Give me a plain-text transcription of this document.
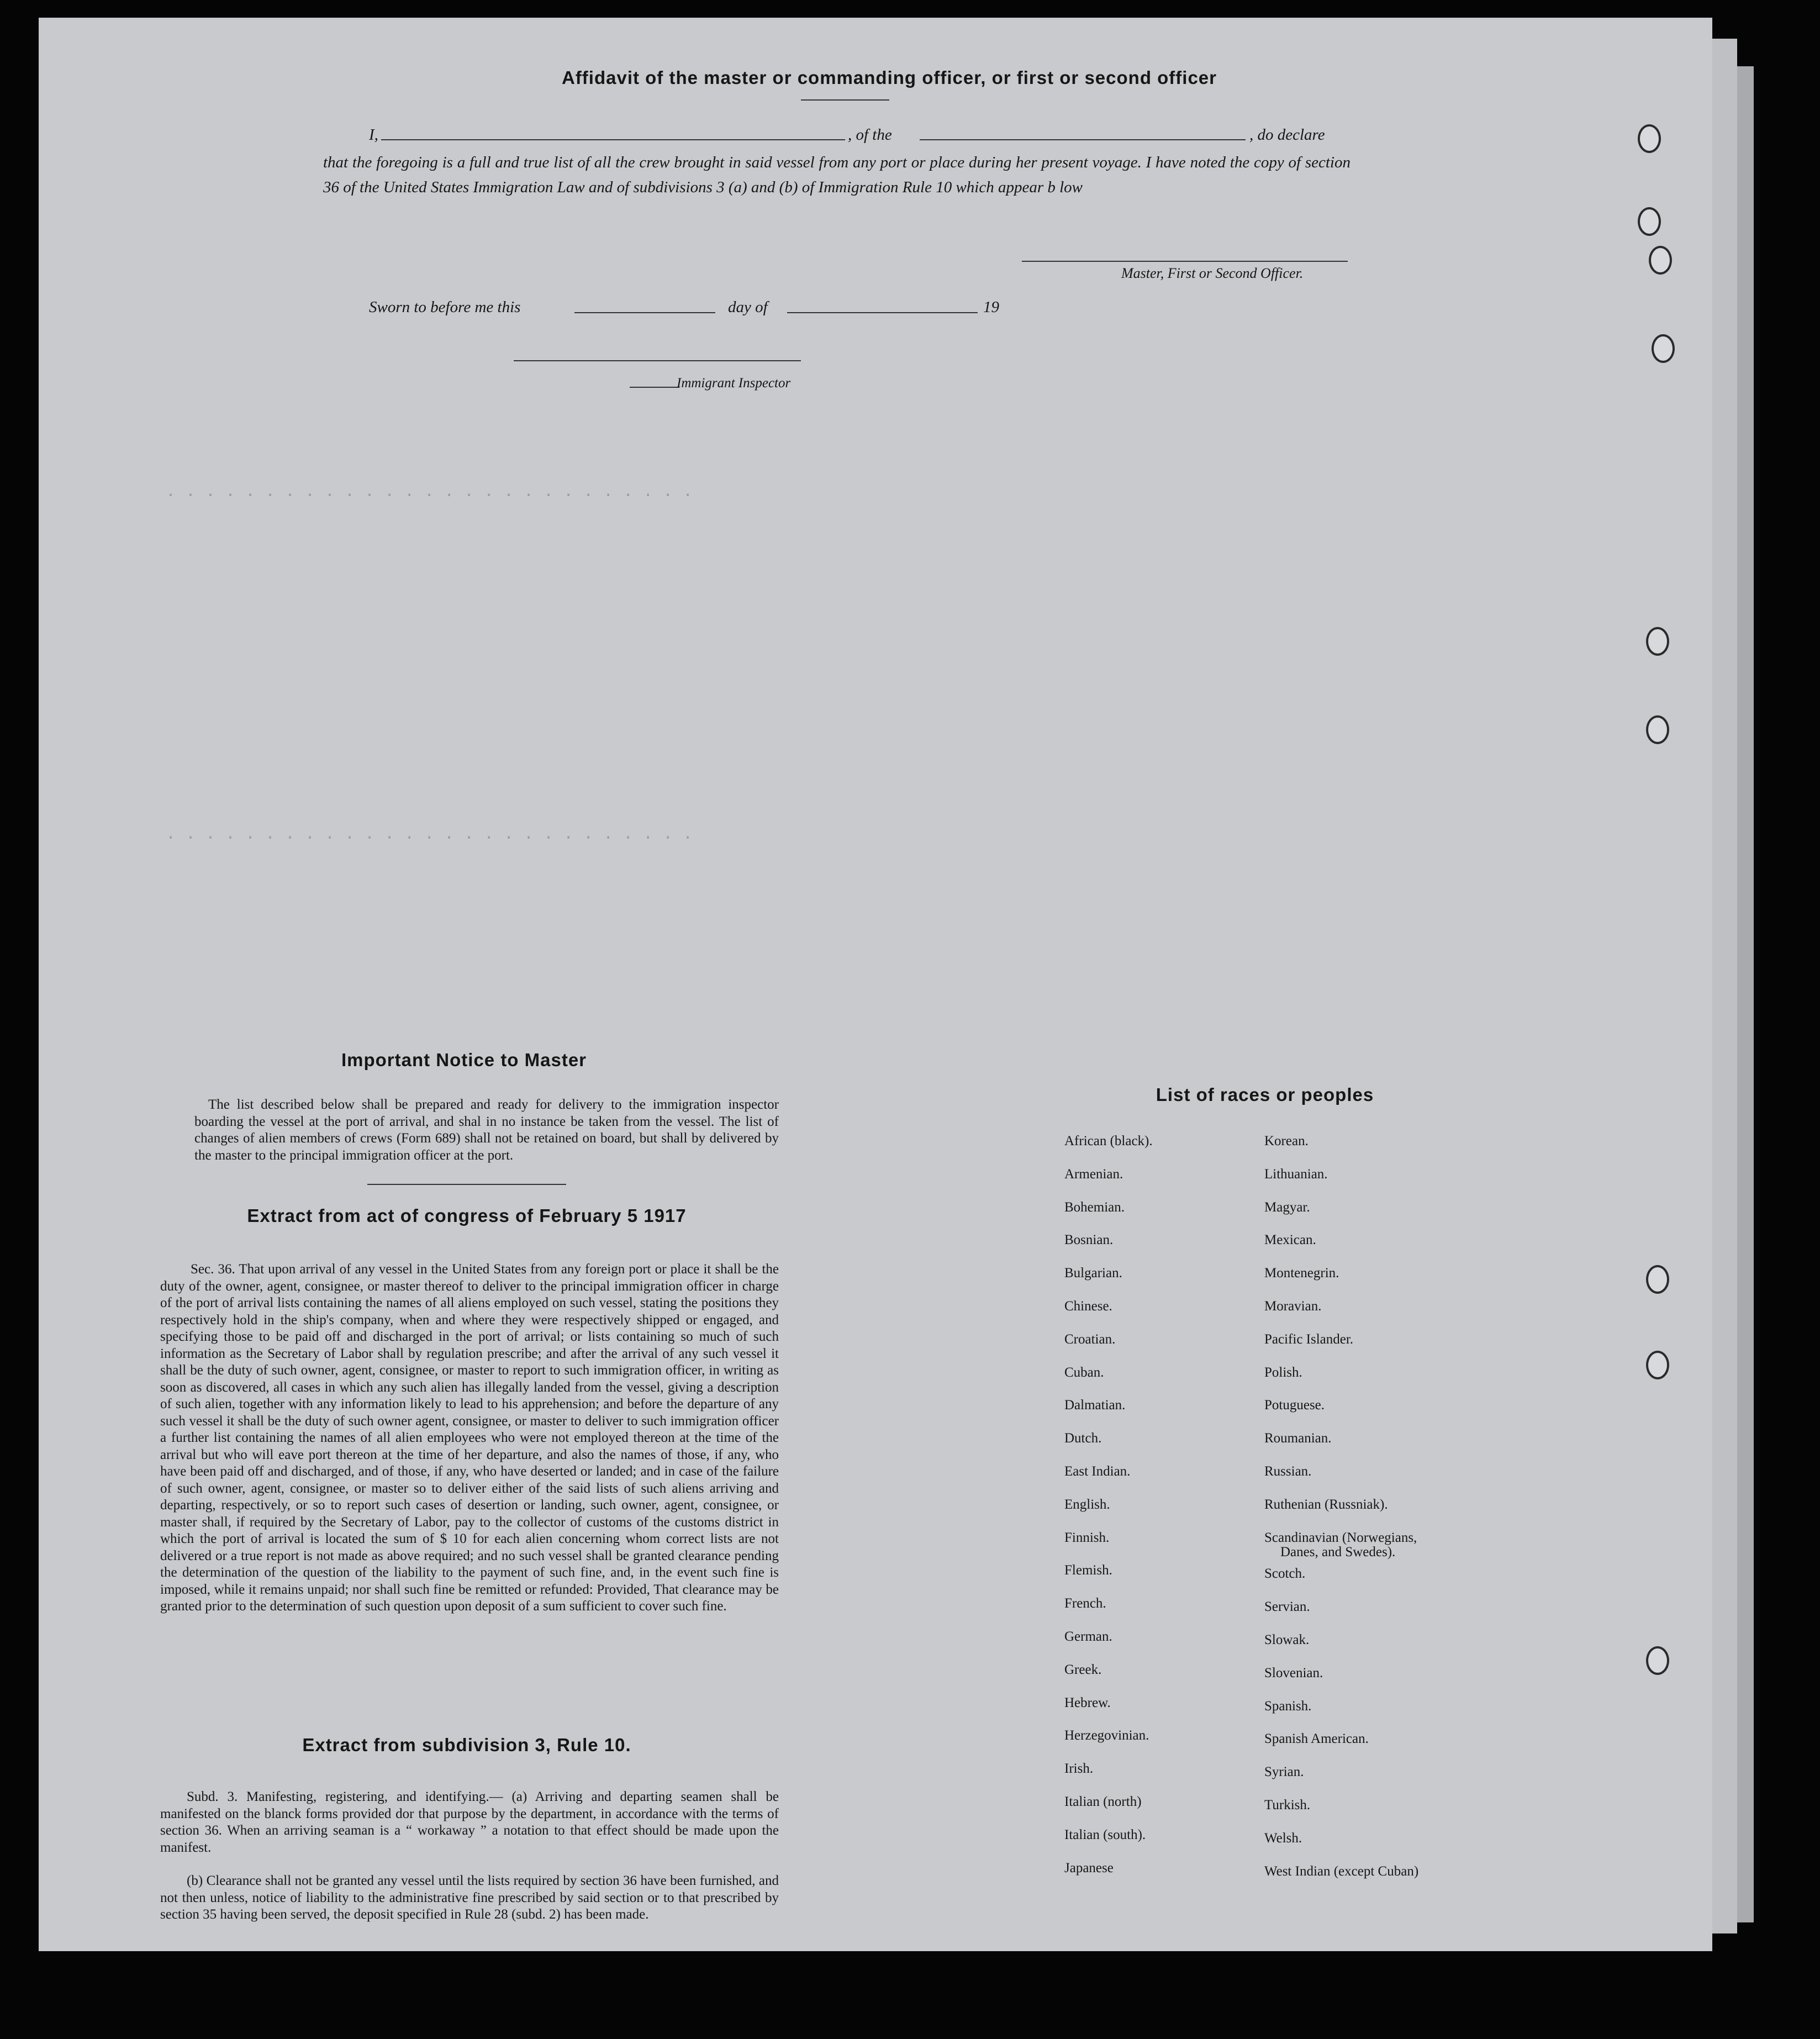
· · · · · · · · · · · · · · · · · · · · · · · · · · ·
· · · · · · · · · · · · · · · · · · · · · · · · · · ·
Affidavit of the master or commanding officer, or first or second officer
I,	, of the	, do declare
that the foregoing is a full and true list of all the crew brought in said vessel from any port or place during her present voyage. I have noted the copy of section 36 of the United States Immigration Law and of subdivisions 3 (a) and (b) of Immigration Rule 10 which appear b low
Master, First or Second Officer.
Sworn to before me this	day of	19
Immigrant Inspector
Important Notice to Master
The list described below shall be prepared and ready for delivery to the immigration inspector boarding the vessel at the port of arrival, and shal in no instance be taken from the vessel. The list of changes of alien members of crews (Form 689) shall not be retained on board, but shall by delivered by the master to the principal immigration officer at the port.
Extract from act of congress of February 5 1917
Sec. 36. That upon arrival of any vessel in the United States from any foreign port or place it shall be the duty of the owner, agent, consignee, or master thereof to deliver to the principal immigration officer in charge of the port of arrival lists containing the names of all aliens employed on such vessel, stating the positions they respectively hold in the ship's company, when and where they were respectively shipped or engaged, and specifying those to be paid off and discharged in the port of arrival; or lists containing so much of such information as the Secretary of Labor shall by regulation prescribe; and after the arrival of any such vessel it shall be the duty of such owner, agent, consignee, or master to report to such immigration officer, in writing as soon as discovered, all cases in which any such alien has illegally landed from the vessel, giving a description of such alien, together with any information likely to lead to his apprehension; and before the departure of any such vessel it shall be the duty of such owner agent, consignee, or master to deliver to such immigration officer a further list containing the names of all alien employees who were not employed thereon at the time of the arrival but who will eave port thereon at the time of her departure, and also the names of those, if any, who have been paid off and discharged, and of those, if any, who have deserted or landed; and in case of the failure of such owner, agent, consignee, or master so to deliver either of the said lists of such aliens arriving and departing, respectively, or so to report such cases of desertion or landing, such owner, agent, consignee, or master shall, if required by the Secretary of Labor, pay to the collector of customs of the customs district in which the port of arrival is located the sum of $ 10 for each alien concerning whom correct lists are not delivered or a true report is not made as above required; and no such vessel shall be granted clearance pending the determination of the question of the liability to the payment of such fine, and, in the event such fine is imposed, while it remains unpaid; nor shall such fine be remitted or refunded: Provided, That clearance may be granted prior to the determination of such question upon deposit of a sum sufficient to cover such fine.
Extract from subdivision 3, Rule 10.
Subd. 3. Manifesting, registering, and identifying.— (a) Arriving and departing seamen shall be manifested on the blanck forms provided dor that purpose by the department, in accordance with the terms of section 36. When an arriving seaman is a “ workaway ” a notation to that effect should be made upon the manifest.
(b) Clearance shall not be granted any vessel until the lists required by section 36 have been furnished, and not then unless, notice of liability to the administrative fine prescribed by said section or to that prescribed by section 35 having been served, the deposit specified in Rule 28 (subd. 2) has been made.
List of races or peoples
African (black).
Armenian.
Bohemian.
Bosnian.
Bulgarian.
Chinese.
Croatian.
Cuban.
Dalmatian.
Dutch.
East Indian.
English.
Finnish.
Flemish.
French.
German.
Greek.
Hebrew.
Herzegovinian.
Irish.
Italian (north)
Italian (south).
Japanese
Korean.
Lithuanian.
Magyar.
Mexican.
Montenegrin.
Moravian.
Pacific Islander.
Polish.
Potuguese.
Roumanian.
Russian.
Ruthenian (Russniak).
Scandinavian (Norwegians,
Scotch.
Servian.
Slowak.
Slovenian.
Spanish.
Spanish American.
Syrian.
Turkish.
Welsh.
West Indian (except Cuban)
Danes, and Swedes).
